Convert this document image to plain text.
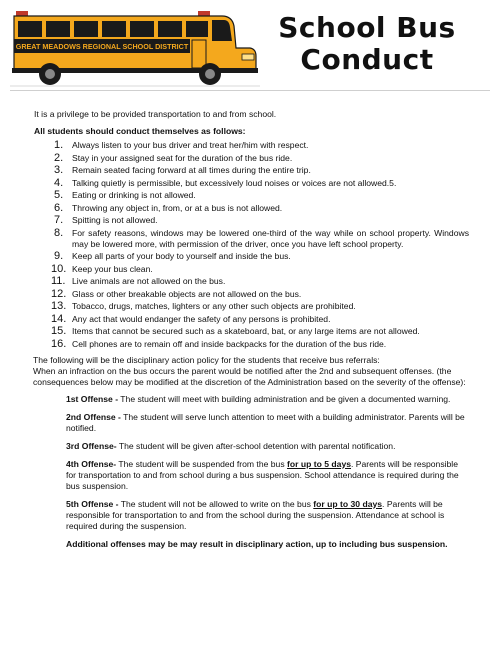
GREAT MEADOWS REGIONAL SCHOOL DISTRICT
School Bus Conduct

It is a privilege to be provided transportation to and from school.

All students should conduct themselves as follows:

1. Always listen to your bus driver and treat her/him with respect.
2. Stay in your assigned seat for the duration of the bus ride.
3. Remain seated facing forward at all times during the entire trip.
4. Talking quietly is permissible, but excessively loud noises or voices are not allowed.5.
5. Eating or drinking is not allowed.
6. Throwing any object in, from, or at a bus is not allowed.
7. Spitting is not allowed.
8. For safety reasons, windows may be lowered one-third of the way while on school property. Windows may be lowered more, with permission of the driver, once you have left school property.
9. Keep all parts of your body to yourself and inside the bus.
10. Keep your bus clean.
11. Live animals are not allowed on the bus.
12. Glass or other breakable objects are not allowed on the bus.
13. Tobacco, drugs, matches, lighters or any other such objects are prohibited.
14. Any act that would endanger the safety of any persons is prohibited.
15. Items that cannot be secured such as a skateboard, bat, or any large items are not allowed.
16. Cell phones are to remain off and inside backpacks for the duration of the bus ride.
The following will be the disciplinary action policy for the students that receive bus referrals:
When an infraction on the bus occurs the parent would be notified after the 2nd and subsequent offenses. (the consequences below may be modified at the discretion of the Administration based on the severity of the offense):
1st Offense - The student will meet with building administration and be given a documented warning.
2nd Offense - The student will serve lunch attention to meet with a building administrator. Parents will be notified.
3rd Offense- The student will be given after-school detention with parental notification.
4th Offense- The student will be suspended from the bus for up to 5 days. Parents will be responsible for transportation to and from school during a bus suspension. School attendance is required during the bus suspension.
5th Offense - The student will not be allowed to write on the bus for up to 30 days. Parents will be responsible for transportation to and from the school during the suspension. Attendance at school is required during the suspension.
Additional offenses may be may result in disciplinary action, up to including bus suspension.
